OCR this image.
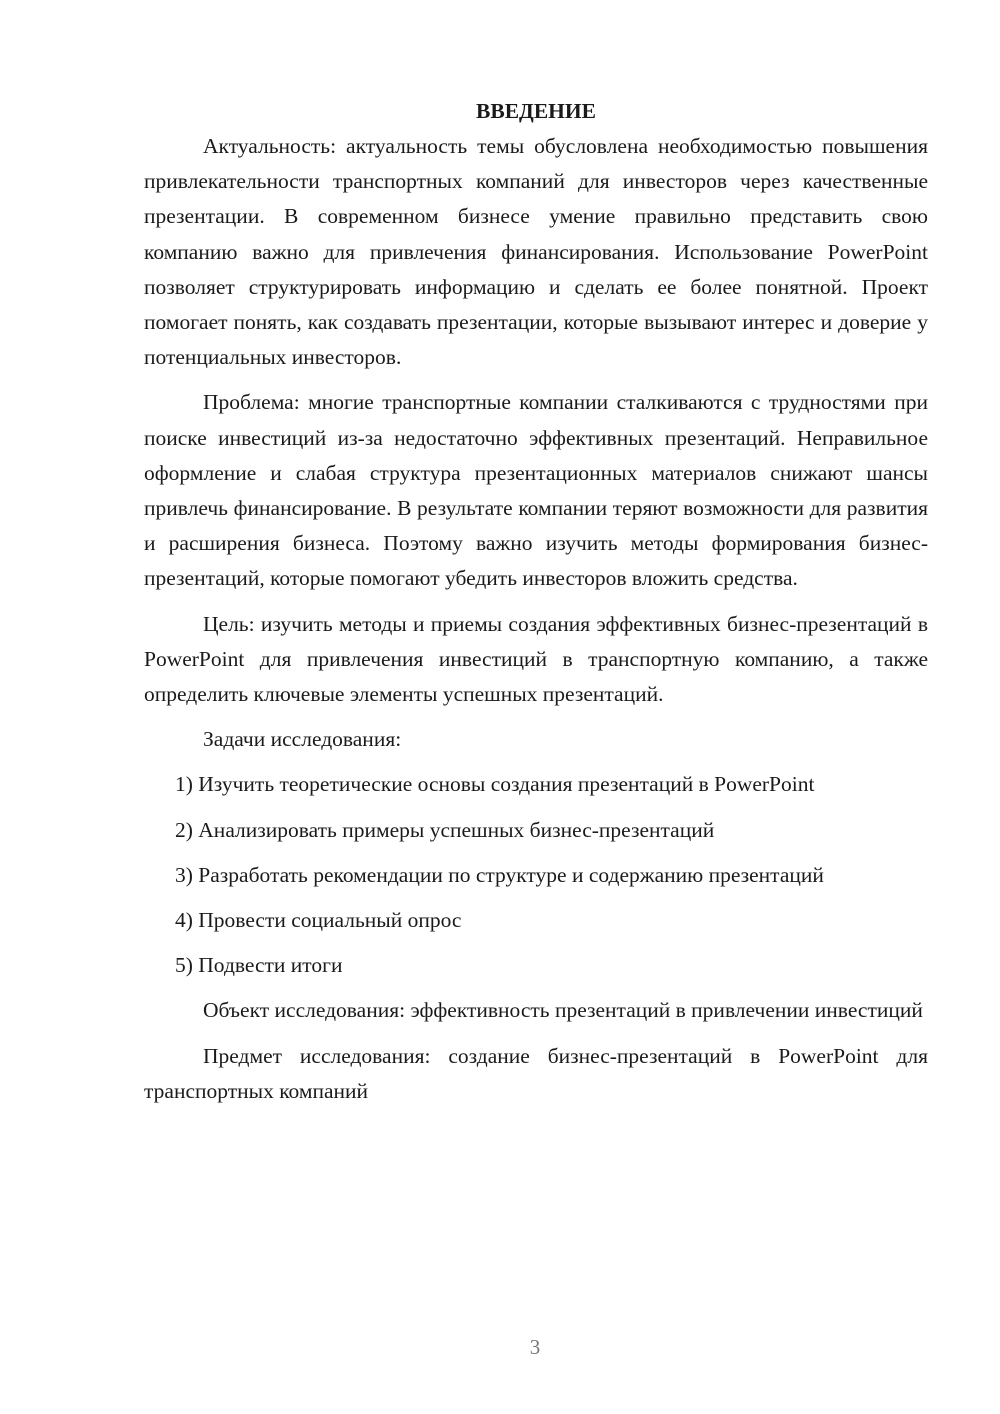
ВВЕДЕНИЕ

Актуальность: актуальность темы обусловлена необходимостью повышения привлекательности транспортных компаний для инвесторов через качественные презентации. В современном бизнесе умение правильно представить свою компанию важно для привлечения финансирования. Использование PowerPoint позволяет структурировать информацию и сделать ее более понятной. Проект помогает понять, как создавать презентации, которые вызывают интерес и доверие у потенциальных инвесторов.

Проблема: многие транспортные компании сталкиваются с трудностями при поиске инвестиций из-за недостаточно эффективных презентаций. Неправильное оформление и слабая структура презентационных материалов снижают шансы привлечь финансирование. В результате компании теряют возможности для развития и расширения бизнеса. Поэтому важно изучить методы формирования бизнес-презентаций, которые помогают убедить инвесторов вложить средства.

Цель: изучить методы и приемы создания эффективных бизнес-презентаций в PowerPoint для привлечения инвестиций в транспортную компанию, а также определить ключевые элементы успешных презентаций.

Задачи исследования:

1) Изучить теоретические основы создания презентаций в PowerPoint
2) Анализировать примеры успешных бизнес-презентаций
3) Разработать рекомендации по структуре и содержанию презентаций
4) Провести социальный опрос
5) Подвести итоги

Объект исследования: эффективность презентаций в привлечении инвестиций

Предмет исследования: создание бизнес-презентаций в PowerPoint для транспортных компаний

3
